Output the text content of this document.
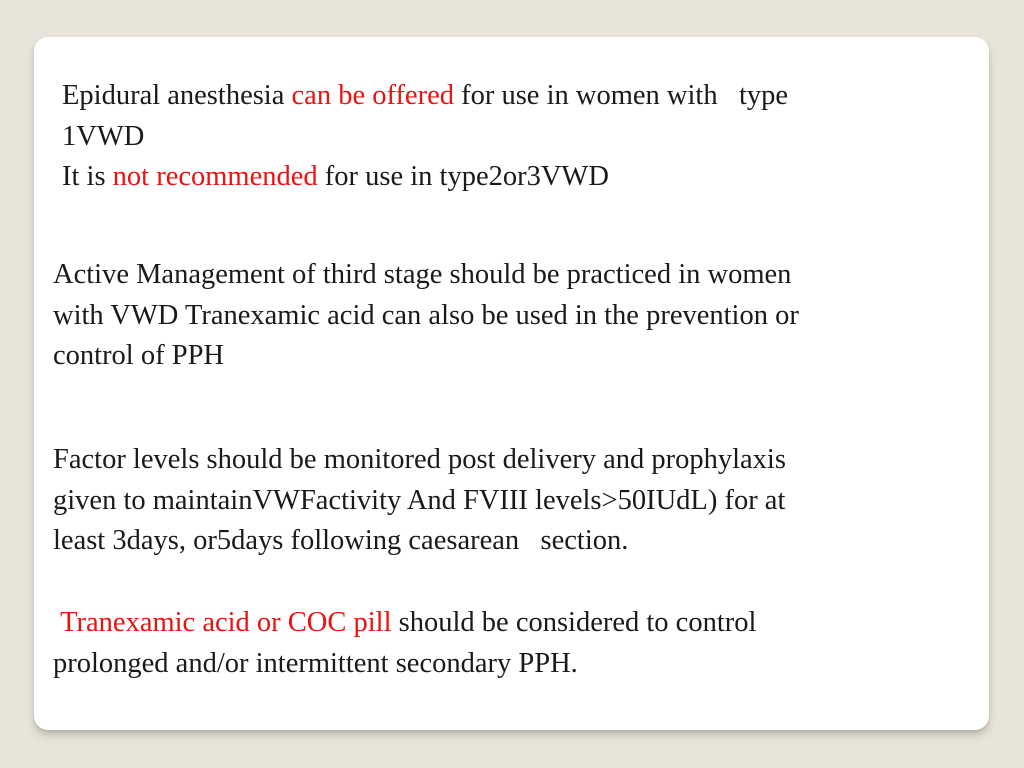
Epidural anesthesia can be offered for use in women with   type
1VWD
It is not recommended for use in type2or3VWD

Active Management of third stage should be practiced in women
with VWD Tranexamic acid can also be used in the prevention or
control of PPH

Factor levels should be monitored post delivery and prophylaxis
given to maintainVWFactivity And FVIII levels>50IUdL) for at
least 3days, or5days following caesarean   section.

Tranexamic acid or COC pill should be considered to control
prolonged and/or intermittent secondary PPH.
